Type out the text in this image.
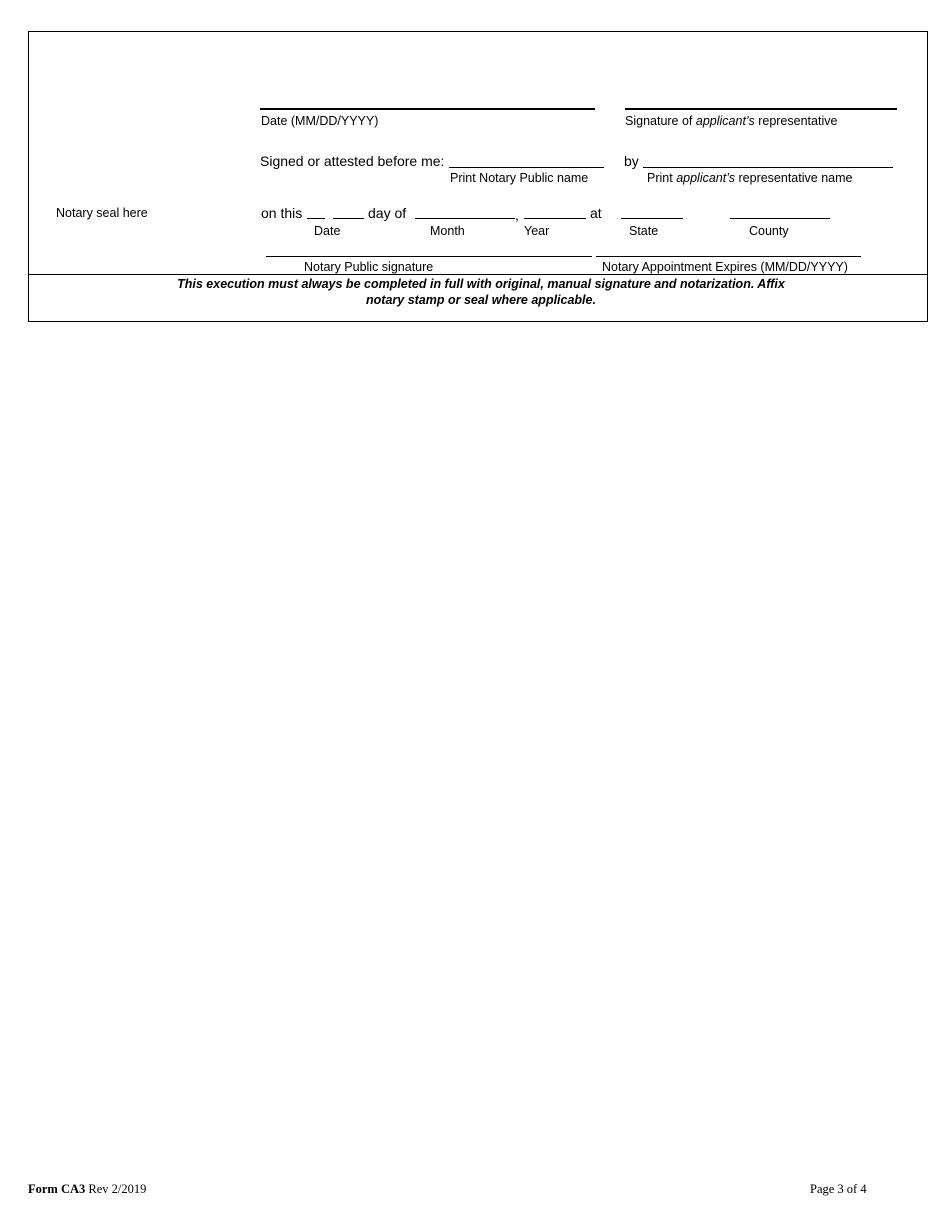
Date (MM/DD/YYYY)	Signature of applicant’s representative
Signed or attested before me:
Print Notary Public name
by
Print applicant’s representative name
Notary seal here	on this	day of	,	at
Date	Month	Year	State	County
Notary Public signature	Notary Appointment Expires (MM/DD/YYYY)
This execution must always be completed in full with original, manual signature and notarization. Affix
notary stamp or seal where applicable.
Form CA3 Rev 2/2019	Page 3 of 4
